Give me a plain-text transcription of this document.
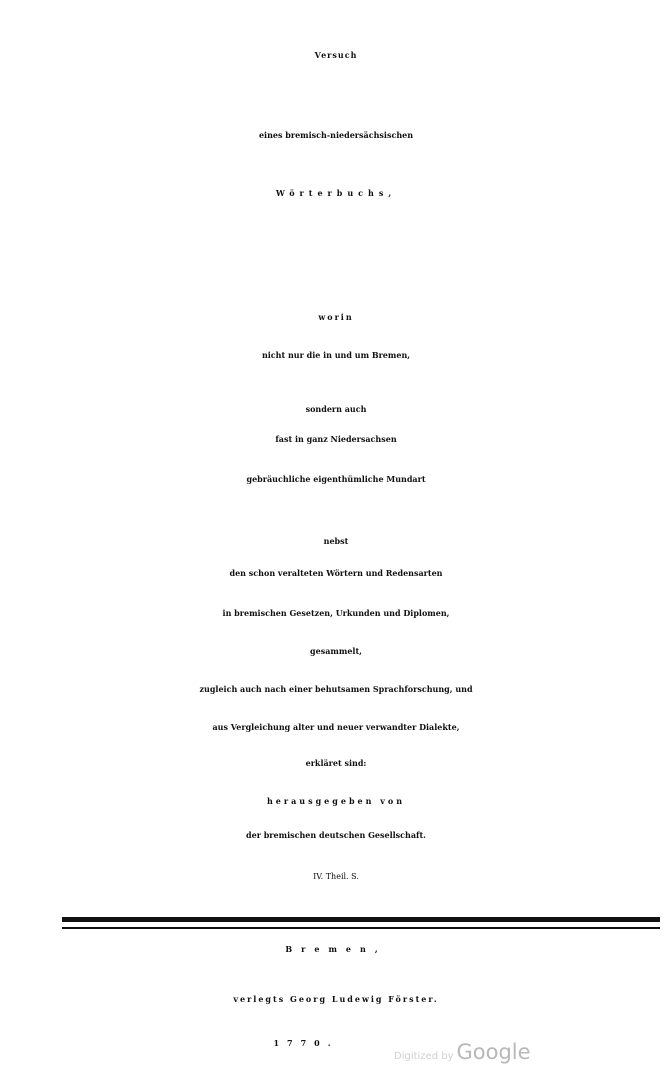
Versuch
eines bremisch-niedersächsischen
Wörterbuchs,
worin
nicht nur die in und um Bremen,
sondern auch
fast in ganz Niedersachsen
gebräuchliche eigenthümliche Mundart
nebst
den schon veralteten Wörtern und Redensarten
in bremischen Gesetzen, Urkunden und Diplomen,
gesammelt,
zugleich auch nach einer behutsamen Sprachforschung, und
aus Vergleichung alter und neuer verwandter Dialekte,
erkläret sind:
herausgegeben von
der bremischen deutschen Gesellschaft.
IV. Theil. S.
Bremen,
verlegts Georg Ludewig Förster.
1770.
Digitized by Google
